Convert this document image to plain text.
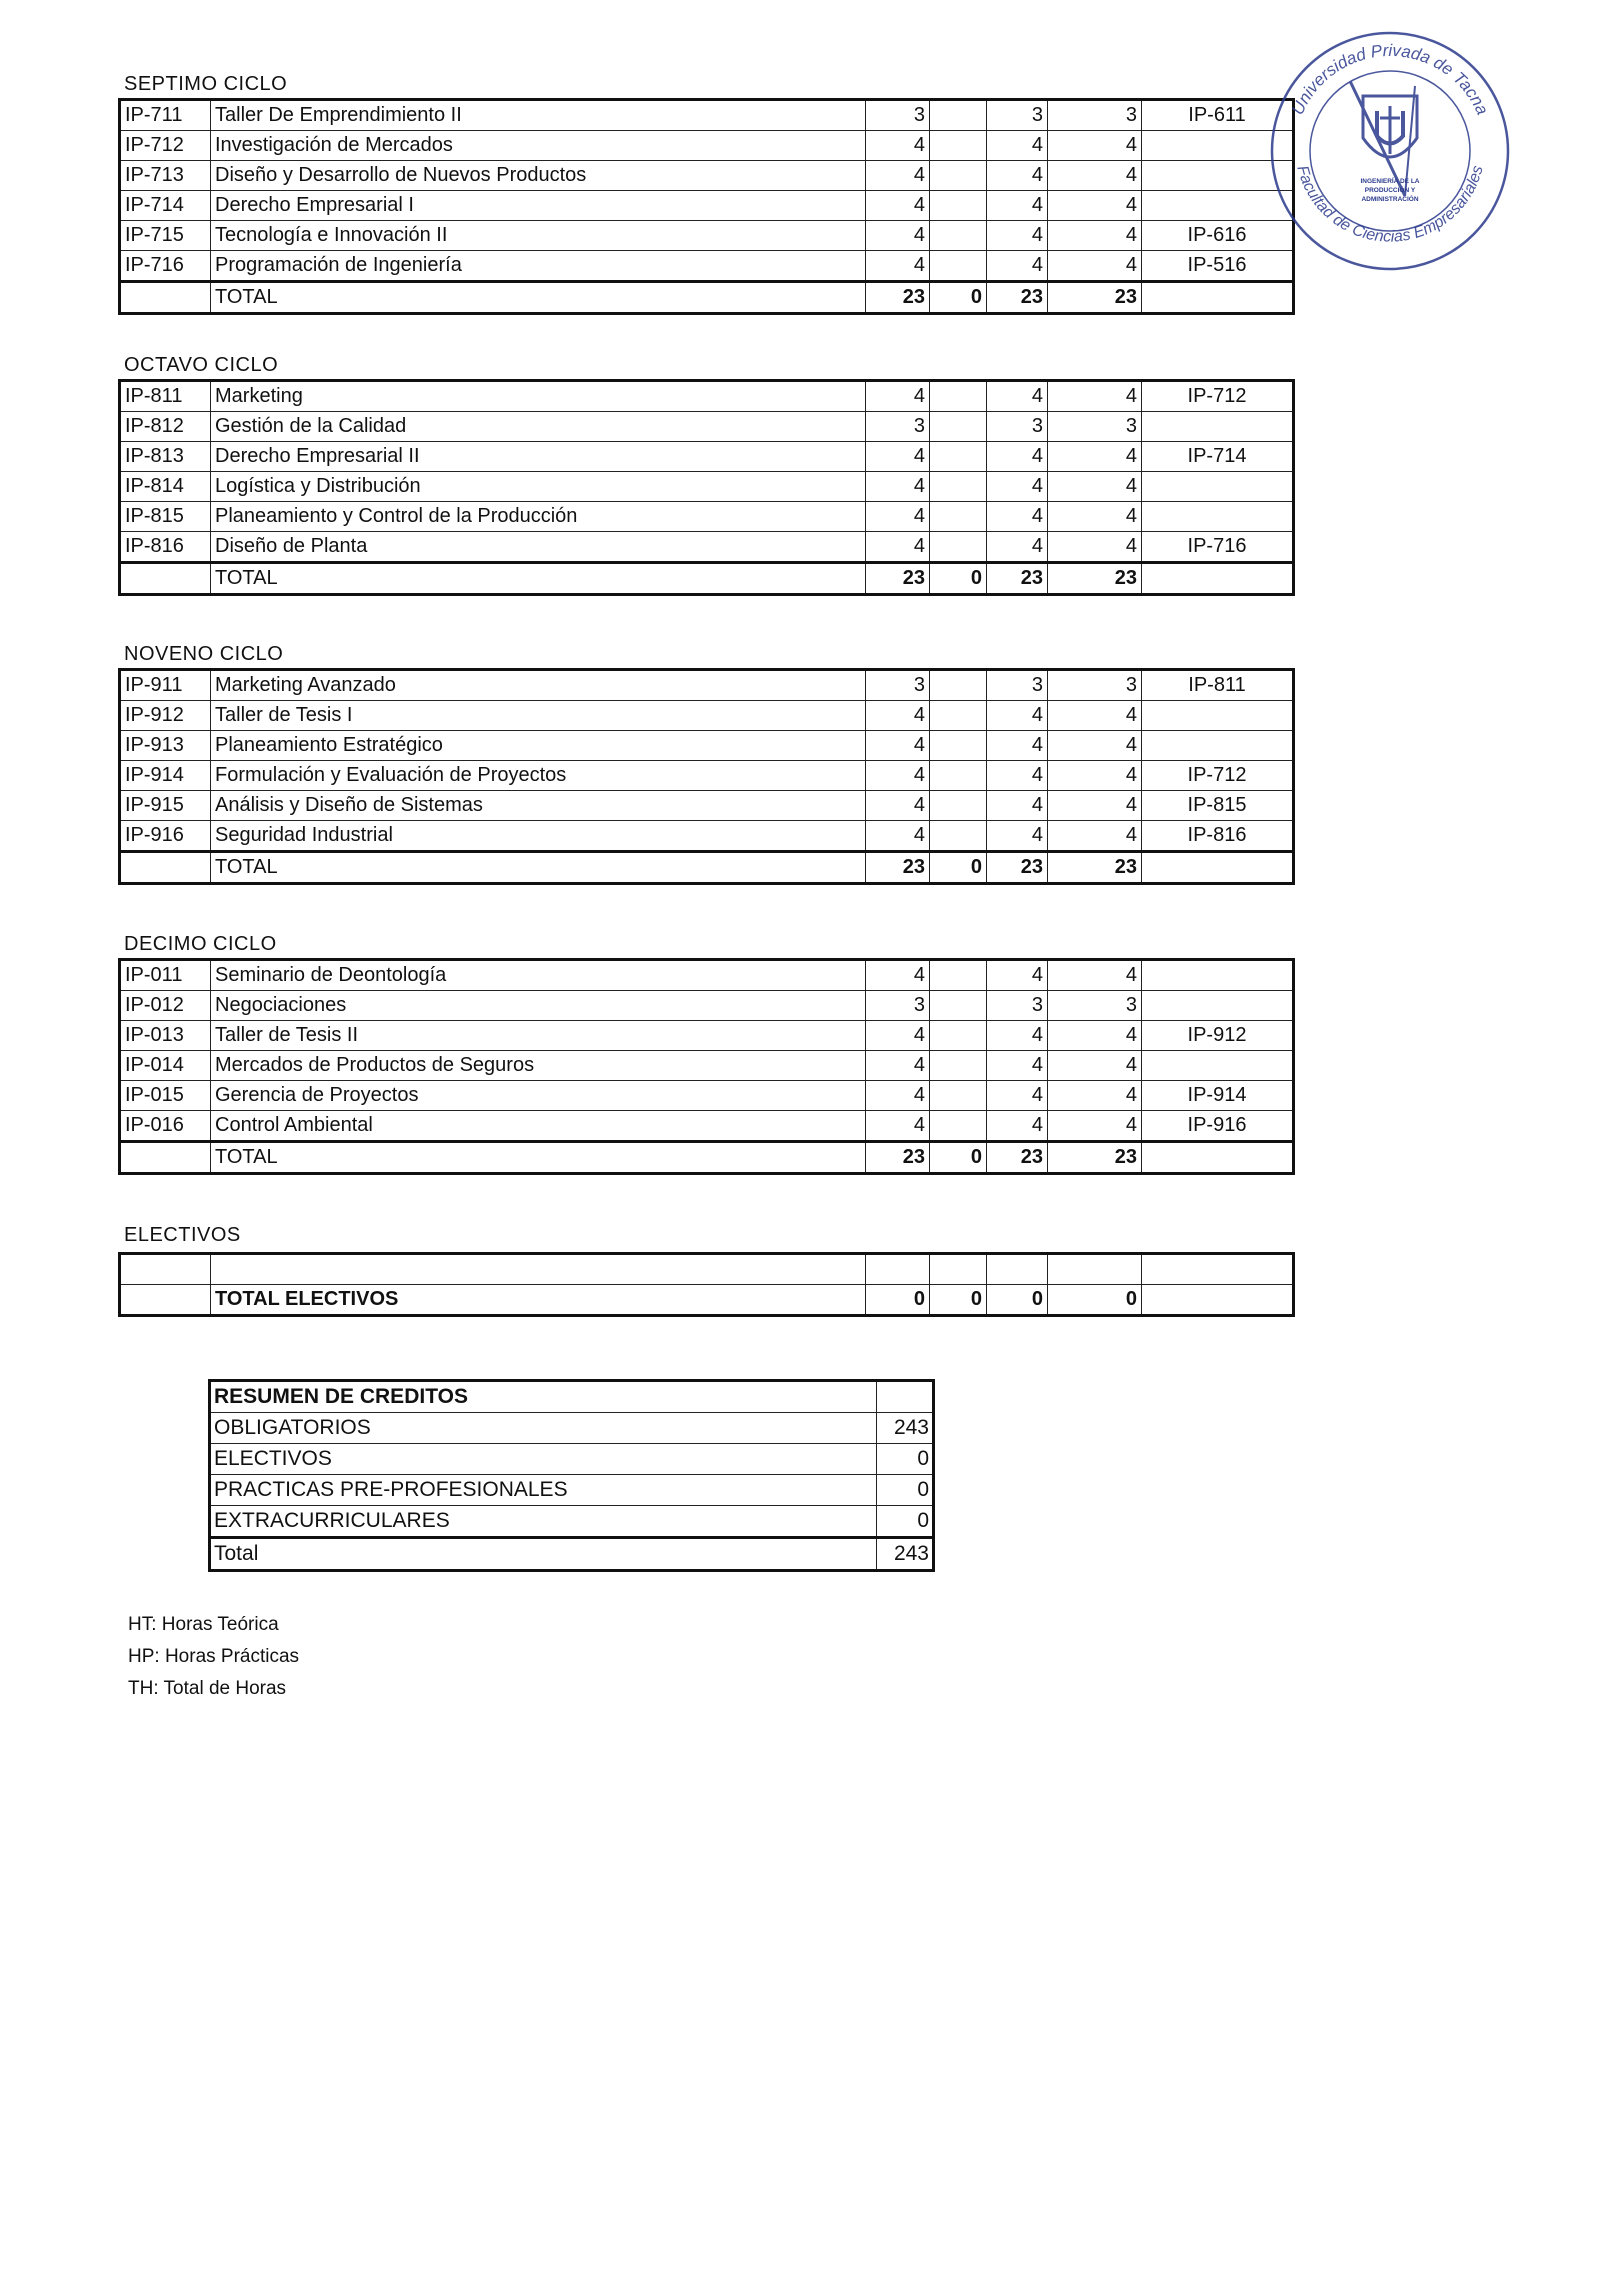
SEPTIMO CICLO
IP-711	Taller De Emprendimiento II	3		3	3	IP-611
IP-712	Investigación de Mercados	4		4	4	
IP-713	Diseño y Desarrollo de Nuevos Productos	4		4	4	
IP-714	Derecho Empresarial I	4		4	4	
IP-715	Tecnología e Innovación II	4		4	4	IP-616
IP-716	Programación de Ingeniería	4		4	4	IP-516
	TOTAL	23	0	23	23	
OCTAVO CICLO
IP-811	Marketing	4		4	4	IP-712
IP-812	Gestión de la Calidad	3		3	3	
IP-813	Derecho Empresarial II	4		4	4	IP-714
IP-814	Logística y Distribución	4		4	4	
IP-815	Planeamiento y Control de la Producción	4		4	4	
IP-816	Diseño de Planta	4		4	4	IP-716
	TOTAL	23	0	23	23	
NOVENO CICLO
IP-911	Marketing Avanzado	3		3	3	IP-811
IP-912	Taller de Tesis I	4		4	4	
IP-913	Planeamiento Estratégico	4		4	4	
IP-914	Formulación y Evaluación de Proyectos	4		4	4	IP-712
IP-915	Análisis y Diseño de Sistemas	4		4	4	IP-815
IP-916	Seguridad Industrial	4		4	4	IP-816
	TOTAL	23	0	23	23	
DECIMO CICLO
IP-011	Seminario de Deontología	4		4	4	
IP-012	Negociaciones	3		3	3	
IP-013	Taller de Tesis II	4		4	4	IP-912
IP-014	Mercados de Productos de Seguros	4		4	4	
IP-015	Gerencia de Proyectos	4		4	4	IP-914
IP-016	Control Ambiental	4		4	4	IP-916
	TOTAL	23	0	23	23	
ELECTIVOS

	TOTAL ELECTIVOS	0	0	0	0	
RESUMEN DE CREDITOS	
OBLIGATORIOS	243
ELECTIVOS	0
PRACTICAS PRE-PROFESIONALES	0
EXTRACURRICULARES	0
Total	243
HT: Horas Teórica
HP: Horas Prácticas
TH: Total de Horas
Universidad Privada de Tacna
Facultad de Ciencias Empresariales
INGENIERÍA DE LA
PRODUCCIÓN Y
ADMINISTRACIÓN
